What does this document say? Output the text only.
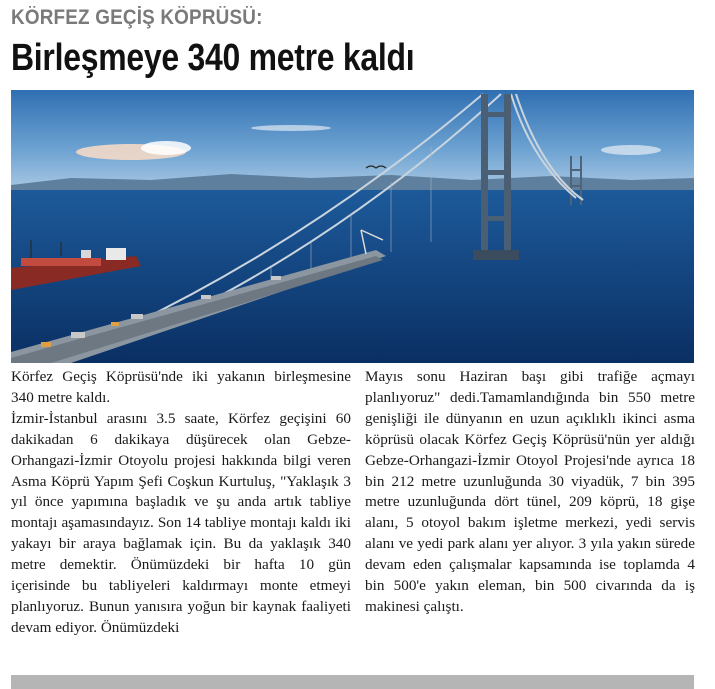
KÖRFEZ GEÇİŞ KÖPRÜSÜ:
Birleşmeye 340 metre kaldı

Körfez Geçiş Köprüsü'nde iki yakanın birleşmesine 340 metre kaldı.

İzmir-İstanbul arasını 3.5 saate, Körfez geçişini 60 dakikadan 6 dakikaya düşürecek olan Gebze-Orhangazi-İzmir Otoyolu projesi hakkında bilgi veren Asma Köprü Yapım Şefi Coşkun Kurtuluş, "Yaklaşık 3 yıl önce yapımına başladık ve şu anda artık tabliye montajı aşamasındayız. Son 14 tabliye montajı kaldı iki yakayı bir araya bağlamak için. Bu da yaklaşık 340 metre demektir. Önümüzdeki bir hafta 10 gün içerisinde bu tabliyeleri kaldırmayı monte etmeyi planlıyoruz. Bunun yanısıra yoğun bir kaynak faaliyeti devam ediyor. Önümüzdeki

Mayıs sonu Haziran başı gibi trafiğe açmayı planlıyoruz" dedi.Tamamlandığında bin 550 metre genişliği ile dünyanın en uzun açıklıklı ikinci asma köprüsü olacak Körfez Geçiş Köprüsü'nün yer aldığı Gebze-Orhangazi-İzmir Otoyol Projesi'nde ayrıca 18 bin 212 metre uzunluğunda 30 viyadük, 7 bin 395 metre uzunluğunda dört tünel, 209 köprü, 18 gişe alanı, 5 otoyol bakım işletme merkezi, yedi servis alanı ve yedi park alanı yer alıyor. 3 yıla yakın sürede devam eden çalışmalar kapsamında ise toplamda 4 bin 500'e yakın eleman, bin 500 civarında da iş makinesi çalıştı.
